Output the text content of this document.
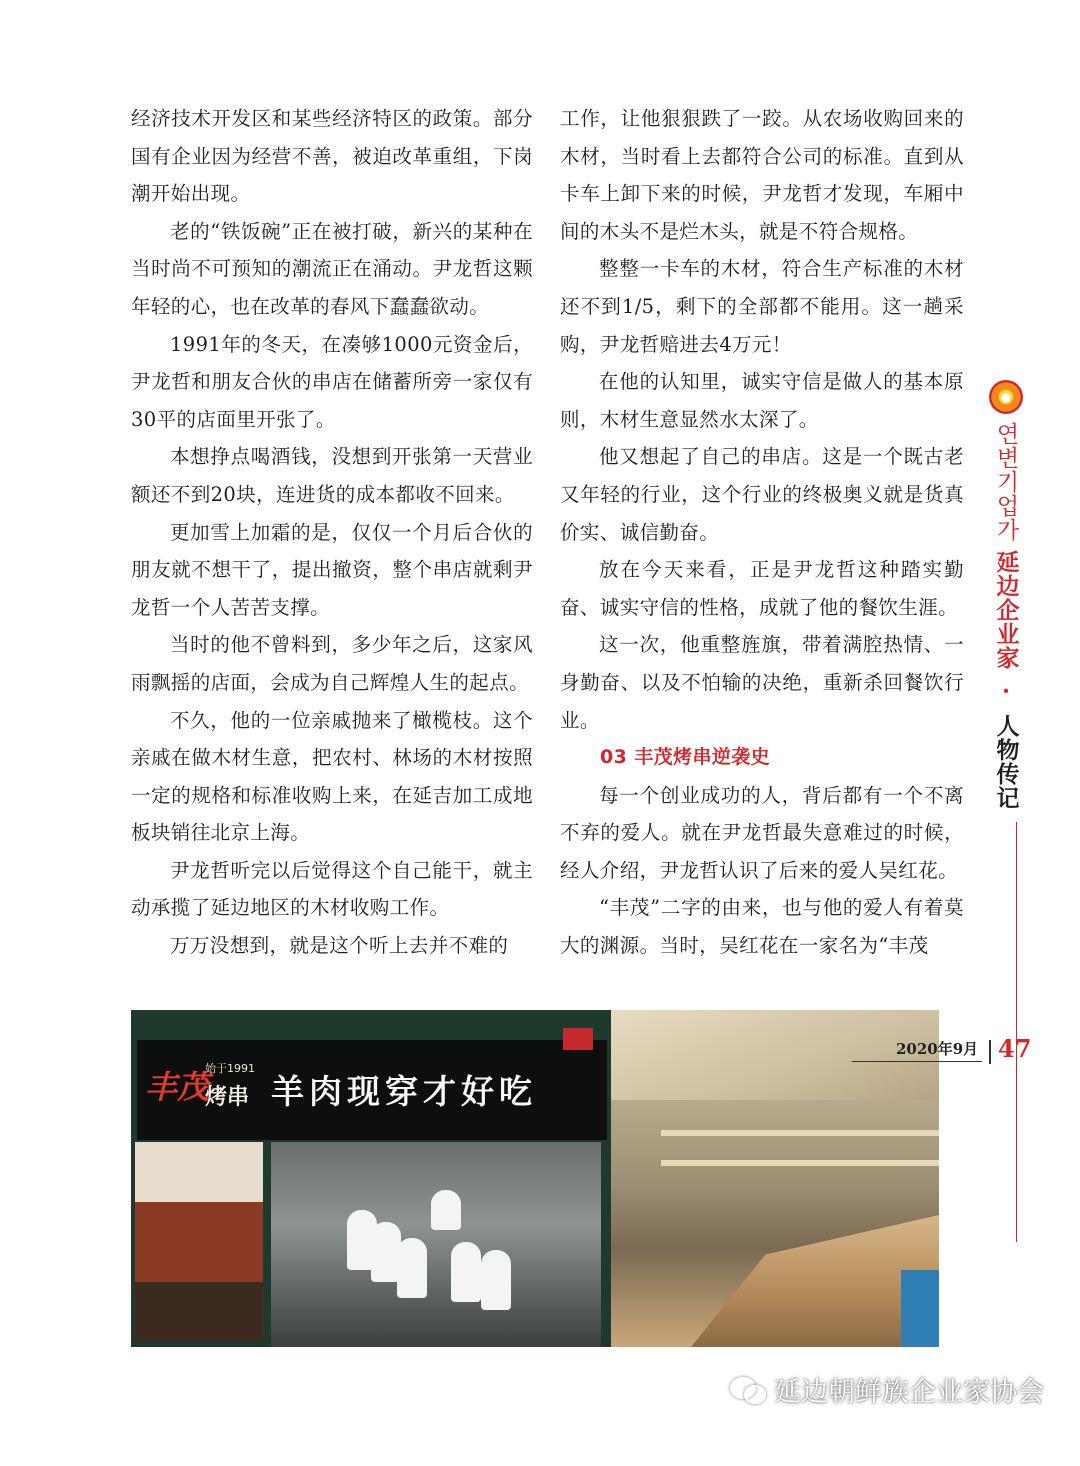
经济技术开发区和某些经济特区的政策。部分国有企业因为经营不善，被迫改革重组，下岗潮开始出现。

老的“铁饭碗”正在被打破，新兴的某种在当时尚不可预知的潮流正在涌动。尹龙哲这颗年轻的心，也在改革的春风下蠢蠢欲动。

1991年的冬天，在凑够1000元资金后，尹龙哲和朋友合伙的串店在储蓄所旁一家仅有30平的店面里开张了。

本想挣点喝酒钱，没想到开张第一天营业额还不到20块，连进货的成本都收不回来。

更加雪上加霜的是，仅仅一个月后合伙的朋友就不想干了，提出撤资，整个串店就剩尹龙哲一个人苦苦支撑。

当时的他不曾料到，多少年之后，这家风雨飘摇的店面，会成为自己辉煌人生的起点。

不久，他的一位亲戚抛来了橄榄枝。这个亲戚在做木材生意，把农村、林场的木材按照一定的规格和标准收购上来，在延吉加工成地板块销往北京上海。

尹龙哲听完以后觉得这个自己能干，就主动承揽了延边地区的木材收购工作。

万万没想到，就是这个听上去并不难的

工作，让他狠狠跌了一跤。从农场收购回来的木材，当时看上去都符合公司的标准。直到从卡车上卸下来的时候，尹龙哲才发现，车厢中间的木头不是烂木头，就是不符合规格。

整整一卡车的木材，符合生产标准的木材还不到1/5，剩下的全部都不能用。这一趟采购，尹龙哲赔进去4万元！

在他的认知里，诚实守信是做人的基本原则，木材生意显然水太深了。

他又想起了自己的串店。这是一个既古老又年轻的行业，这个行业的终极奥义就是货真价实、诚信勤奋。

放在今天来看，正是尹龙哲这种踏实勤奋、诚实守信的性格，成就了他的餐饮生涯。

这一次，他重整旌旗，带着满腔热情、一身勤奋、以及不怕输的决绝，重新杀回餐饮行业。

03 丰茂烤串逆袭史

每一个创业成功的人，背后都有一个不离不弃的爱人。就在尹龙哲最失意难过的时候，经人介绍，尹龙哲认识了后来的爱人吴红花。

“丰茂”二字的由来，也与他的爱人有着莫大的渊源。当时，吴红花在一家名为“丰茂

●
연변기업가
延边企业家
·
人物传记
丰茂
始于1991
烤串 羊肉现穿才好吃
2020年9月 47
延边朝鲜族企业家协会
